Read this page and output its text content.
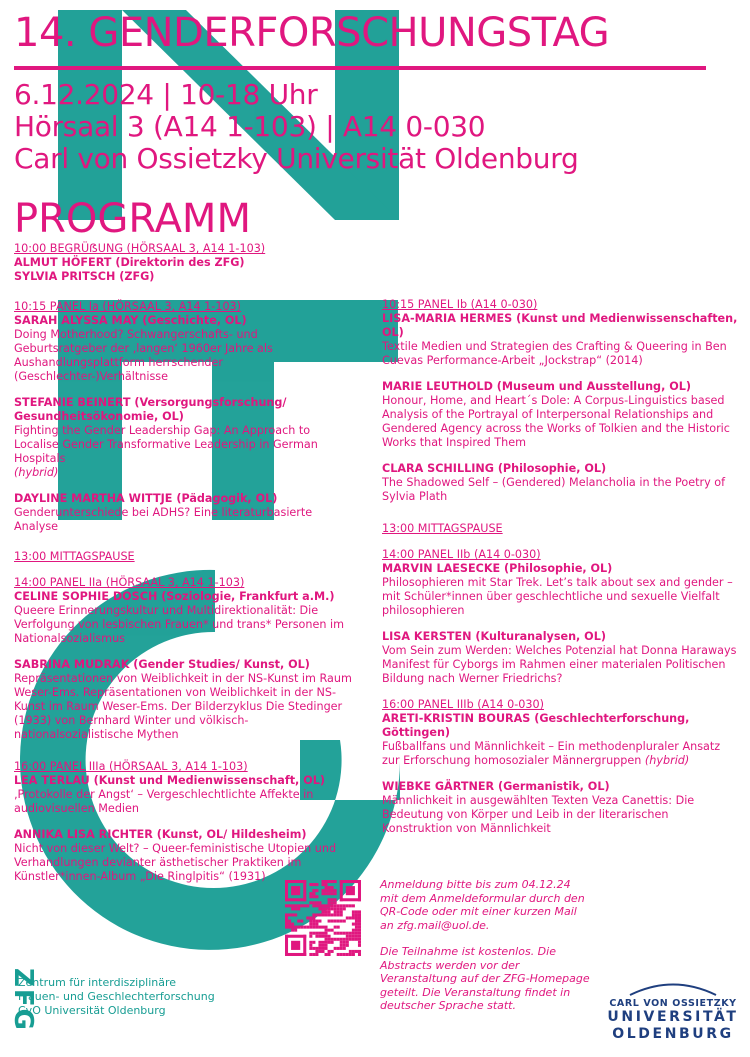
14. GENDERFORSCHUNGSTAG
6.12.2024 | 10-18 Uhr
Hörsaal 3 (A14 1-103) | A14 0-030
Carl von Ossietzky Universität Oldenburg
PROGRAMM

10:00 BEGRÜẞUNG (HÖRSAAL 3, A14 1-103)

ALMUT HÖFERT (Direktorin des ZFG)

SYLVIA PRITSCH (ZFG)

10:15 PANEL Ia (HÖRSAAL 3, A14 1-103)

SARAH ALYSSA MAY (Geschichte, OL)

Doing Motherhood? Schwangerschafts- und Geburtsratgeber der ‚langen‘ 1960er Jahre als Aushandlungsplattform herrschender (Geschlechter-)Verhältnisse

STEFANIE BEINERT (Versorgungsforschung/ Gesundheitsökonomie, OL)

Fighting the Gender Leadership Gap: An Approach to Localise Gender Transformative Leadership in German Hospitals

(hybrid)

DAYLINE MARTHA WITTJE (Pädagogik, OL)

Genderunterschiede bei ADHS? Eine literaturbasierte Analyse

13:00 MITTAGSPAUSE

14:00 PANEL IIa (HÖRSAAL 3, A14 1-103)

CELINE SOPHIE DOSCH (Soziologie, Frankfurt a.M.)

Queere Erinnerungskultur und Multidirektionalität: Die Verfolgung von lesbischen Frauen* und trans* Personen im Nationalsozialismus

SABRINA MUDRAK (Gender Studies/ Kunst, OL)

Repräsentationen von Weiblichkeit in der NS-Kunst im Raum Weser-Ems. Repräsentationen von Weiblichkeit in der NS-Kunst im Raum Weser-Ems. Der Bilderzyklus Die Stedinger (1933) von Bernhard Winter und völkisch-nationalsozialistische Mythen

16:00 PANEL IIIa (HÖRSAAL 3, A14 1-103)

LEA TERLAU (Kunst und Medienwissenschaft, OL)

‚Protokolle der Angst‘ – Vergeschlechtlichte Affekte in audiovisuellen Medien

ANNIKA LISA RICHTER (Kunst, OL/ Hildesheim)

Nicht von dieser Welt? – Queer-feministische Utopien und Verhandlungen devianter ästhetischer Praktiken im Künstler*innen-Album „Die Ringlpitis“ (1931)

10:15 PANEL Ib (A14 0-030)

LISA-MARIA HERMES (Kunst und Medienwissenschaften, OL)

Textile Medien und Strategien des Crafting & Queering in Ben Cuevas Performance-Arbeit „Jockstrap“ (2014)

MARIE LEUTHOLD (Museum und Ausstellung, OL)

Honour, Home, and Heart´s Dole: A Corpus-Linguistics based Analysis of the Portrayal of Interpersonal Relationships and Gendered Agency across the Works of Tolkien and the Historic Works that Inspired Them

CLARA SCHILLING (Philosophie, OL)

The Shadowed Self – (Gendered) Melancholia in the Poetry of Sylvia Plath

13:00 MITTAGSPAUSE

14:00 PANEL IIb (A14 0-030)

MARVIN LAESECKE (Philosophie, OL)

Philosophieren mit Star Trek. Let’s talk about sex and gender – mit Schüler*innen über geschlechtliche und sexuelle Vielfalt philosophieren

LISA KERSTEN (Kulturanalysen, OL)

Vom Sein zum Werden: Welches Potenzial hat Donna Haraways Manifest für Cyborgs im Rahmen einer materialen Politischen Bildung nach Werner Friedrichs?

16:00 PANEL IIIb (A14 0-030)

ARETI-KRISTIN BOURAS (Geschlechterforschung, Göttingen)

Fußballfans und Männlichkeit – Ein methodenpluraler Ansatz zur Erforschung homosozialer Männergruppen (hybrid)

WIEBKE GÄRTNER (Germanistik, OL)

Männlichkeit in ausgewählten Texten Veza Canettis: Die Bedeutung von Körper und Leib in der literarischen Konstruktion von Männlichkeit

Anmeldung bitte bis zum 04.12.24 mit dem Anmeldeformular durch den QR-Code oder mit einer kurzen Mail an zfg.mail@uol.de.

Die Teilnahme ist kostenlos. Die Abstracts werden vor der Veranstaltung auf der ZFG-Homepage geteilt. Die Veranstaltung findet in deutscher Sprache statt.

ZFG
Zentrum für interdisziplinäre
Frauen- und Geschlechterforschung
CvO Universität Oldenburg
CARL VON OSSIETZKY
UNIVERSITÄT
OLDENBURG
